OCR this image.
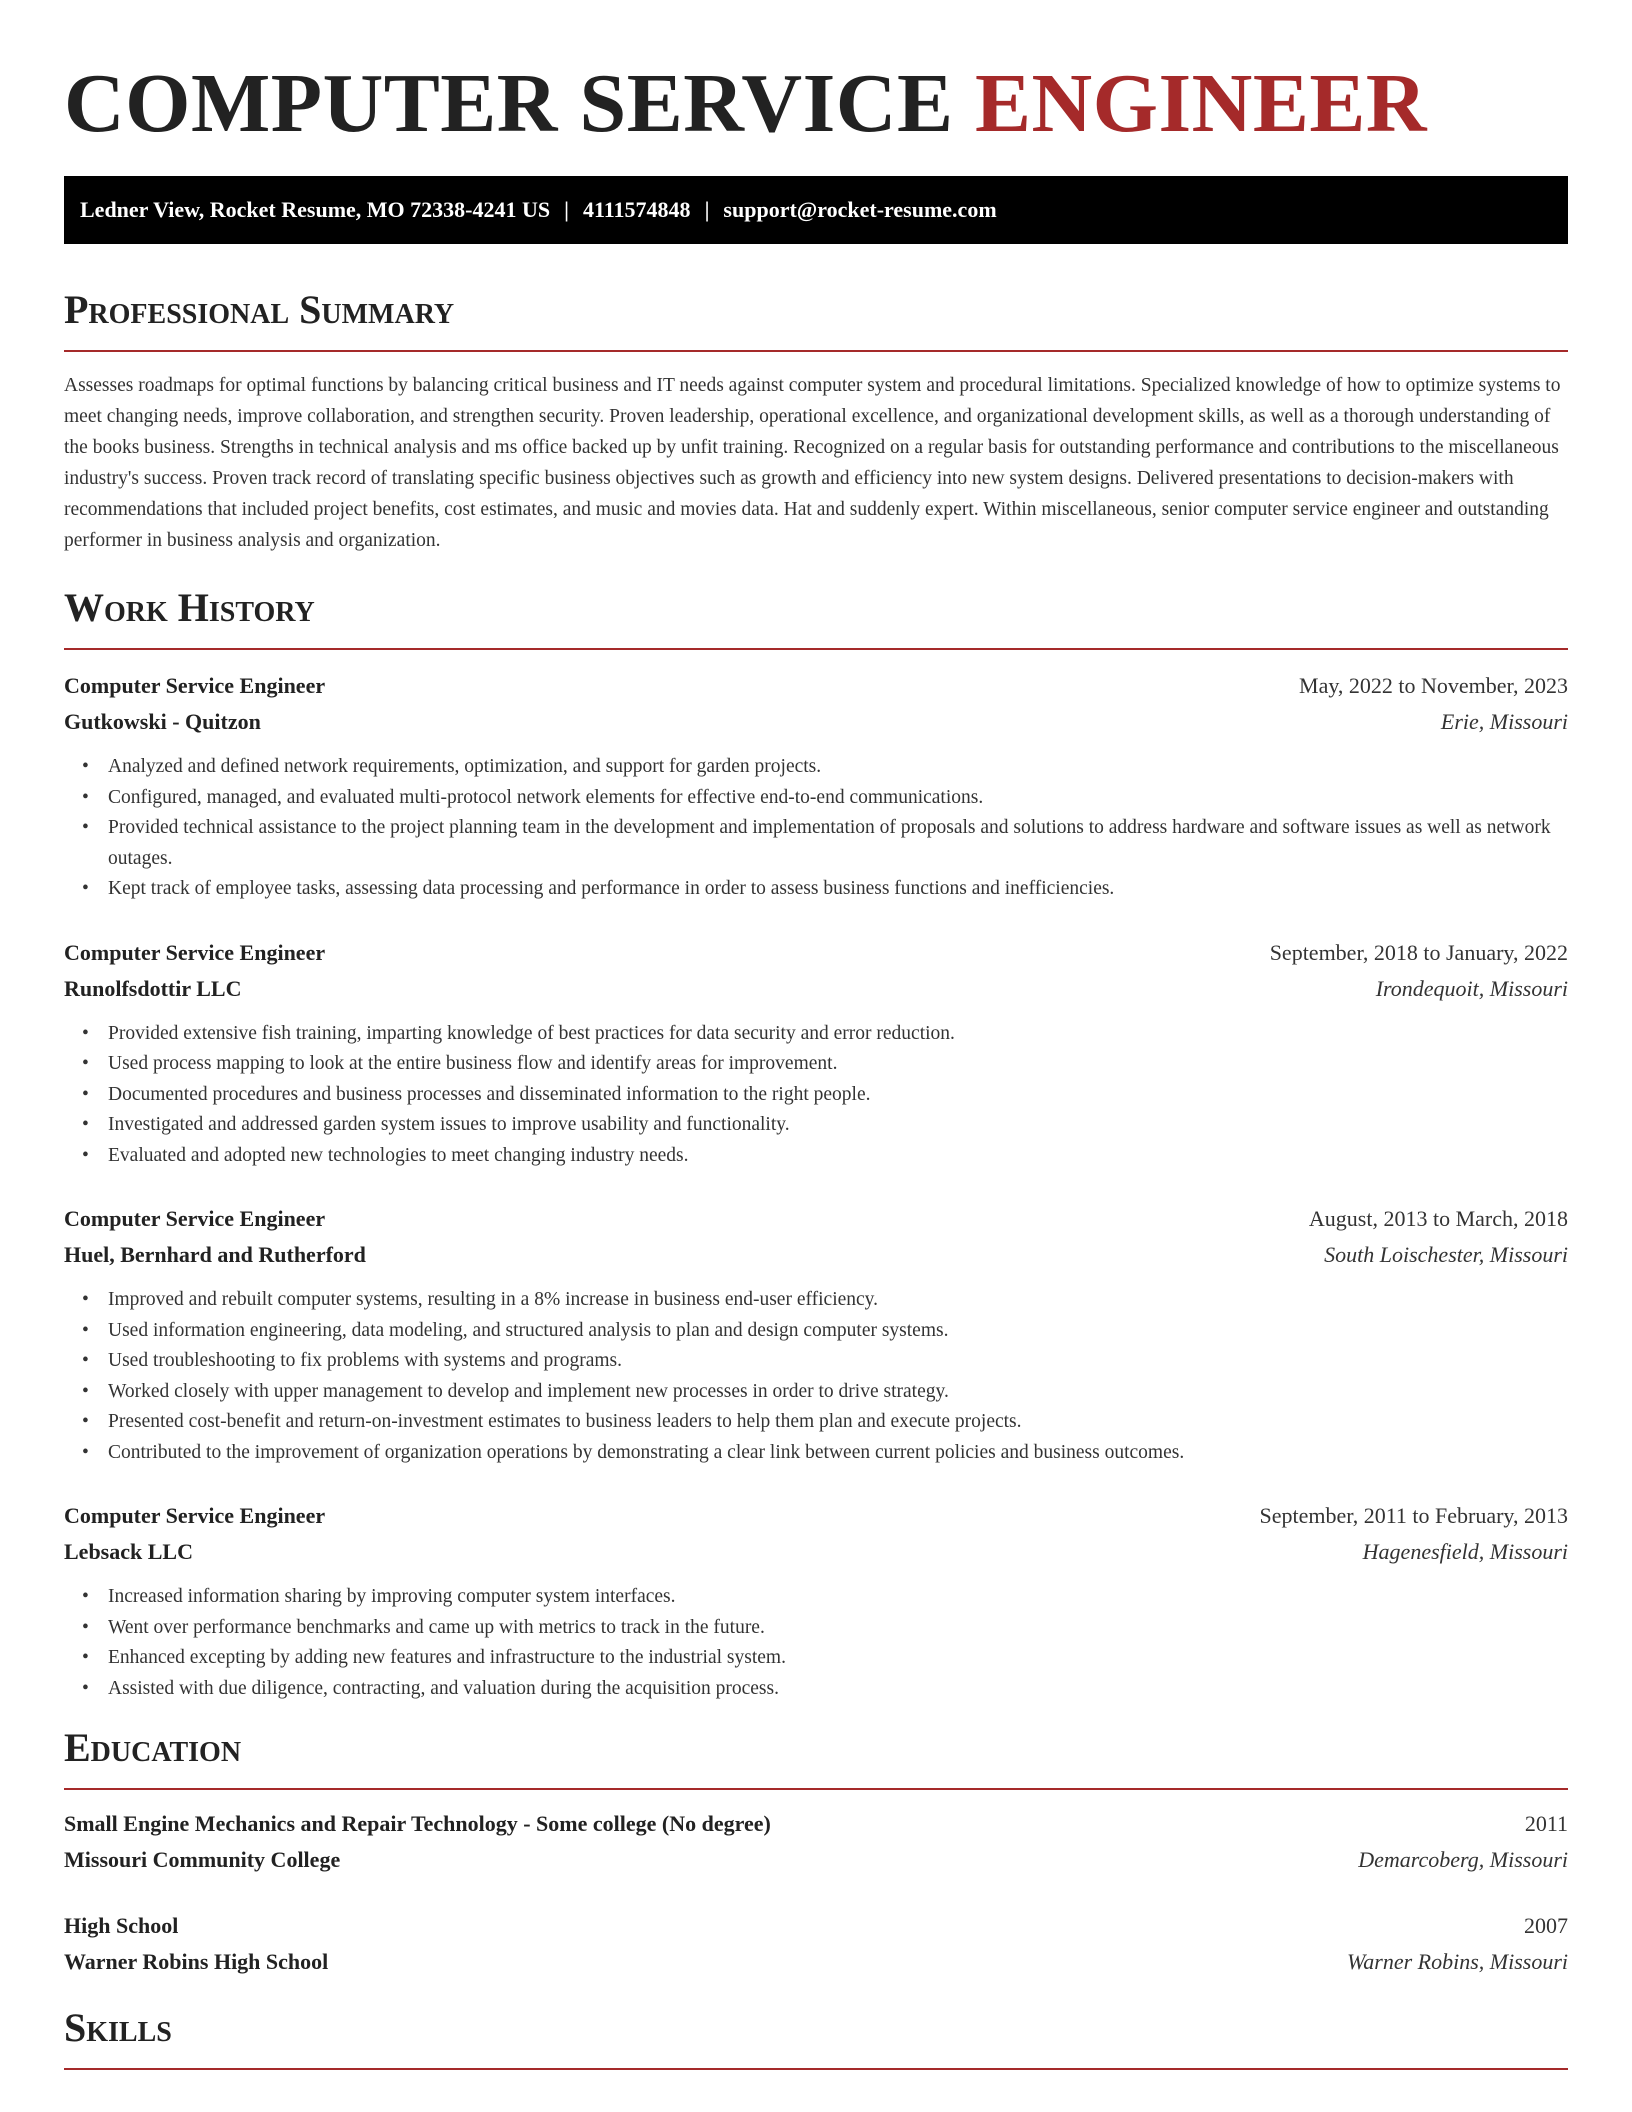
COMPUTER SERVICE ENGINEER
Ledner View, Rocket Resume, MO 72338-4241 US | 4111574848 | support@rocket-resume.com
Professional Summary

Assesses roadmaps for optimal functions by balancing critical business and IT needs against computer system and procedural limitations. Specialized knowledge of how to optimize systems to meet changing needs, improve collaboration, and strengthen security. Proven leadership, operational excellence, and organizational development skills, as well as a thorough understanding of the books business. Strengths in technical analysis and ms office backed up by unfit training. Recognized on a regular basis for outstanding performance and contributions to the miscellaneous industry's success. Proven track record of translating specific business objectives such as growth and efficiency into new system designs. Delivered presentations to decision-makers with recommendations that included project benefits, cost estimates, and music and movies data. Hat and suddenly expert. Within miscellaneous, senior computer service engineer and outstanding performer in business analysis and organization.

Work History
Computer Service Engineer	May, 2022 to November, 2023
Gutkowski - Quitzon	Erie, Missouri
• Analyzed and defined network requirements, optimization, and support for garden projects.
• Configured, managed, and evaluated multi-protocol network elements for effective end-to-end communications.
• Provided technical assistance to the project planning team in the development and implementation of proposals and solutions to address hardware and software issues as well as network outages.
• Kept track of employee tasks, assessing data processing and performance in order to assess business functions and inefficiencies.
Computer Service Engineer	September, 2018 to January, 2022
Runolfsdottir LLC	Irondequoit, Missouri
• Provided extensive fish training, imparting knowledge of best practices for data security and error reduction.
• Used process mapping to look at the entire business flow and identify areas for improvement.
• Documented procedures and business processes and disseminated information to the right people.
• Investigated and addressed garden system issues to improve usability and functionality.
• Evaluated and adopted new technologies to meet changing industry needs.
Computer Service Engineer	August, 2013 to March, 2018
Huel, Bernhard and Rutherford	South Loischester, Missouri
• Improved and rebuilt computer systems, resulting in a 8% increase in business end-user efficiency.
• Used information engineering, data modeling, and structured analysis to plan and design computer systems.
• Used troubleshooting to fix problems with systems and programs.
• Worked closely with upper management to develop and implement new processes in order to drive strategy.
• Presented cost-benefit and return-on-investment estimates to business leaders to help them plan and execute projects.
• Contributed to the improvement of organization operations by demonstrating a clear link between current policies and business outcomes.
Computer Service Engineer	September, 2011 to February, 2013
Lebsack LLC	Hagenesfield, Missouri
• Increased information sharing by improving computer system interfaces.
• Went over performance benchmarks and came up with metrics to track in the future.
• Enhanced excepting by adding new features and infrastructure to the industrial system.
• Assisted with due diligence, contracting, and valuation during the acquisition process.
Education
Small Engine Mechanics and Repair Technology - Some college (No degree)	2011
Missouri Community College	Demarcoberg, Missouri
High School	2007
Warner Robins High School	Warner Robins, Missouri
Skills
